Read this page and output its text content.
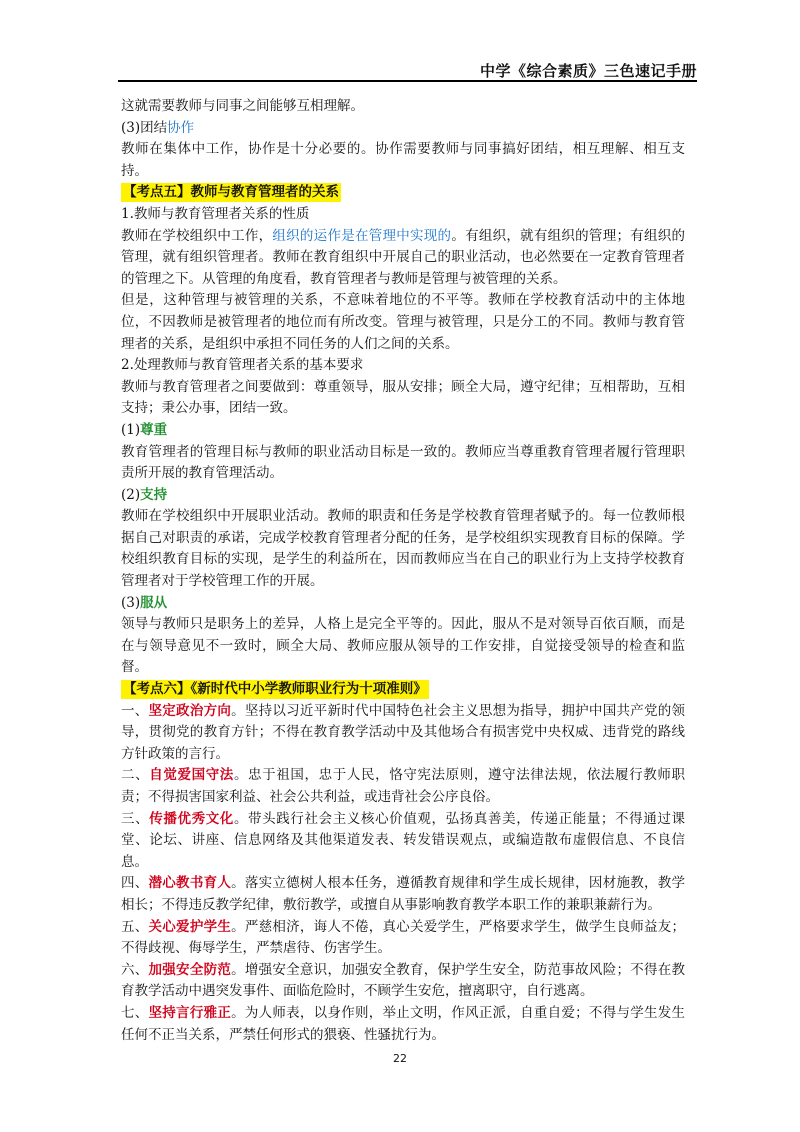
中学《综合素质》三色速记手册

这就需要教师与同事之间能够互相理解。

(3)团结协作

教师在集体中工作，协作是十分必要的。协作需要教师与同事搞好团结，相互理解、相互支持。

【考点五】教师与教育管理者的关系

1.教师与教育管理者关系的性质

教师在学校组织中工作，组织的运作是在管理中实现的。有组织，就有组织的管理；有组织的管理，就有组织管理者。教师在教育组织中开展自己的职业活动，也必然要在一定教育管理者的管理之下。从管理的角度看，教育管理者与教师是管理与被管理的关系。

但是，这种管理与被管理的关系，不意味着地位的不平等。教师在学校教育活动中的主体地位，不因教师是被管理者的地位而有所改变。管理与被管理，只是分工的不同。教师与教育管理者的关系，是组织中承担不同任务的人们之间的关系。

2.处理教师与教育管理者关系的基本要求

教师与教育管理者之间要做到：尊重领导，服从安排；顾全大局，遵守纪律；互相帮助，互相支持；秉公办事，团结一致。

(1)尊重

教育管理者的管理目标与教师的职业活动目标是一致的。教师应当尊重教育管理者履行管理职责所开展的教育管理活动。

(2)支持

教师在学校组织中开展职业活动。教师的职责和任务是学校教育管理者赋予的。每一位教师根据自己对职责的承诺，完成学校教育管理者分配的任务，是学校组织实现教育目标的保障。学校组织教育目标的实现，是学生的利益所在，因而教师应当在自己的职业行为上支持学校教育管理者对于学校管理工作的开展。

(3)服从

领导与教师只是职务上的差异，人格上是完全平等的。因此，服从不是对领导百依百顺，而是在与领导意见不一致时，顾全大局、教师应服从领导的工作安排，自觉接受领导的检查和监督。

【考点六】《新时代中小学教师职业行为十项准则》

一、坚定政治方向。坚持以习近平新时代中国特色社会主义思想为指导，拥护中国共产党的领导，贯彻党的教育方针；不得在教育教学活动中及其他场合有损害党中央权威、违背党的路线方针政策的言行。

二、自觉爱国守法。忠于祖国，忠于人民，恪守宪法原则，遵守法律法规，依法履行教师职责；不得损害国家利益、社会公共利益，或违背社会公序良俗。

三、传播优秀文化。带头践行社会主义核心价值观，弘扬真善美，传递正能量；不得通过课堂、论坛、讲座、信息网络及其他渠道发表、转发错误观点，或编造散布虚假信息、不良信息。

四、潜心教书育人。落实立德树人根本任务，遵循教育规律和学生成长规律，因材施教，教学相长；不得违反教学纪律，敷衍教学，或擅自从事影响教育教学本职工作的兼职兼薪行为。

五、关心爱护学生。严慈相济，诲人不倦，真心关爱学生，严格要求学生，做学生良师益友；不得歧视、侮辱学生，严禁虐待、伤害学生。

六、加强安全防范。增强安全意识，加强安全教育，保护学生安全，防范事故风险；不得在教育教学活动中遇突发事件、面临危险时，不顾学生安危，擅离职守，自行逃离。

七、坚持言行雅正。为人师表，以身作则，举止文明，作风正派，自重自爱；不得与学生发生任何不正当关系，严禁任何形式的猥亵、性骚扰行为。

22
